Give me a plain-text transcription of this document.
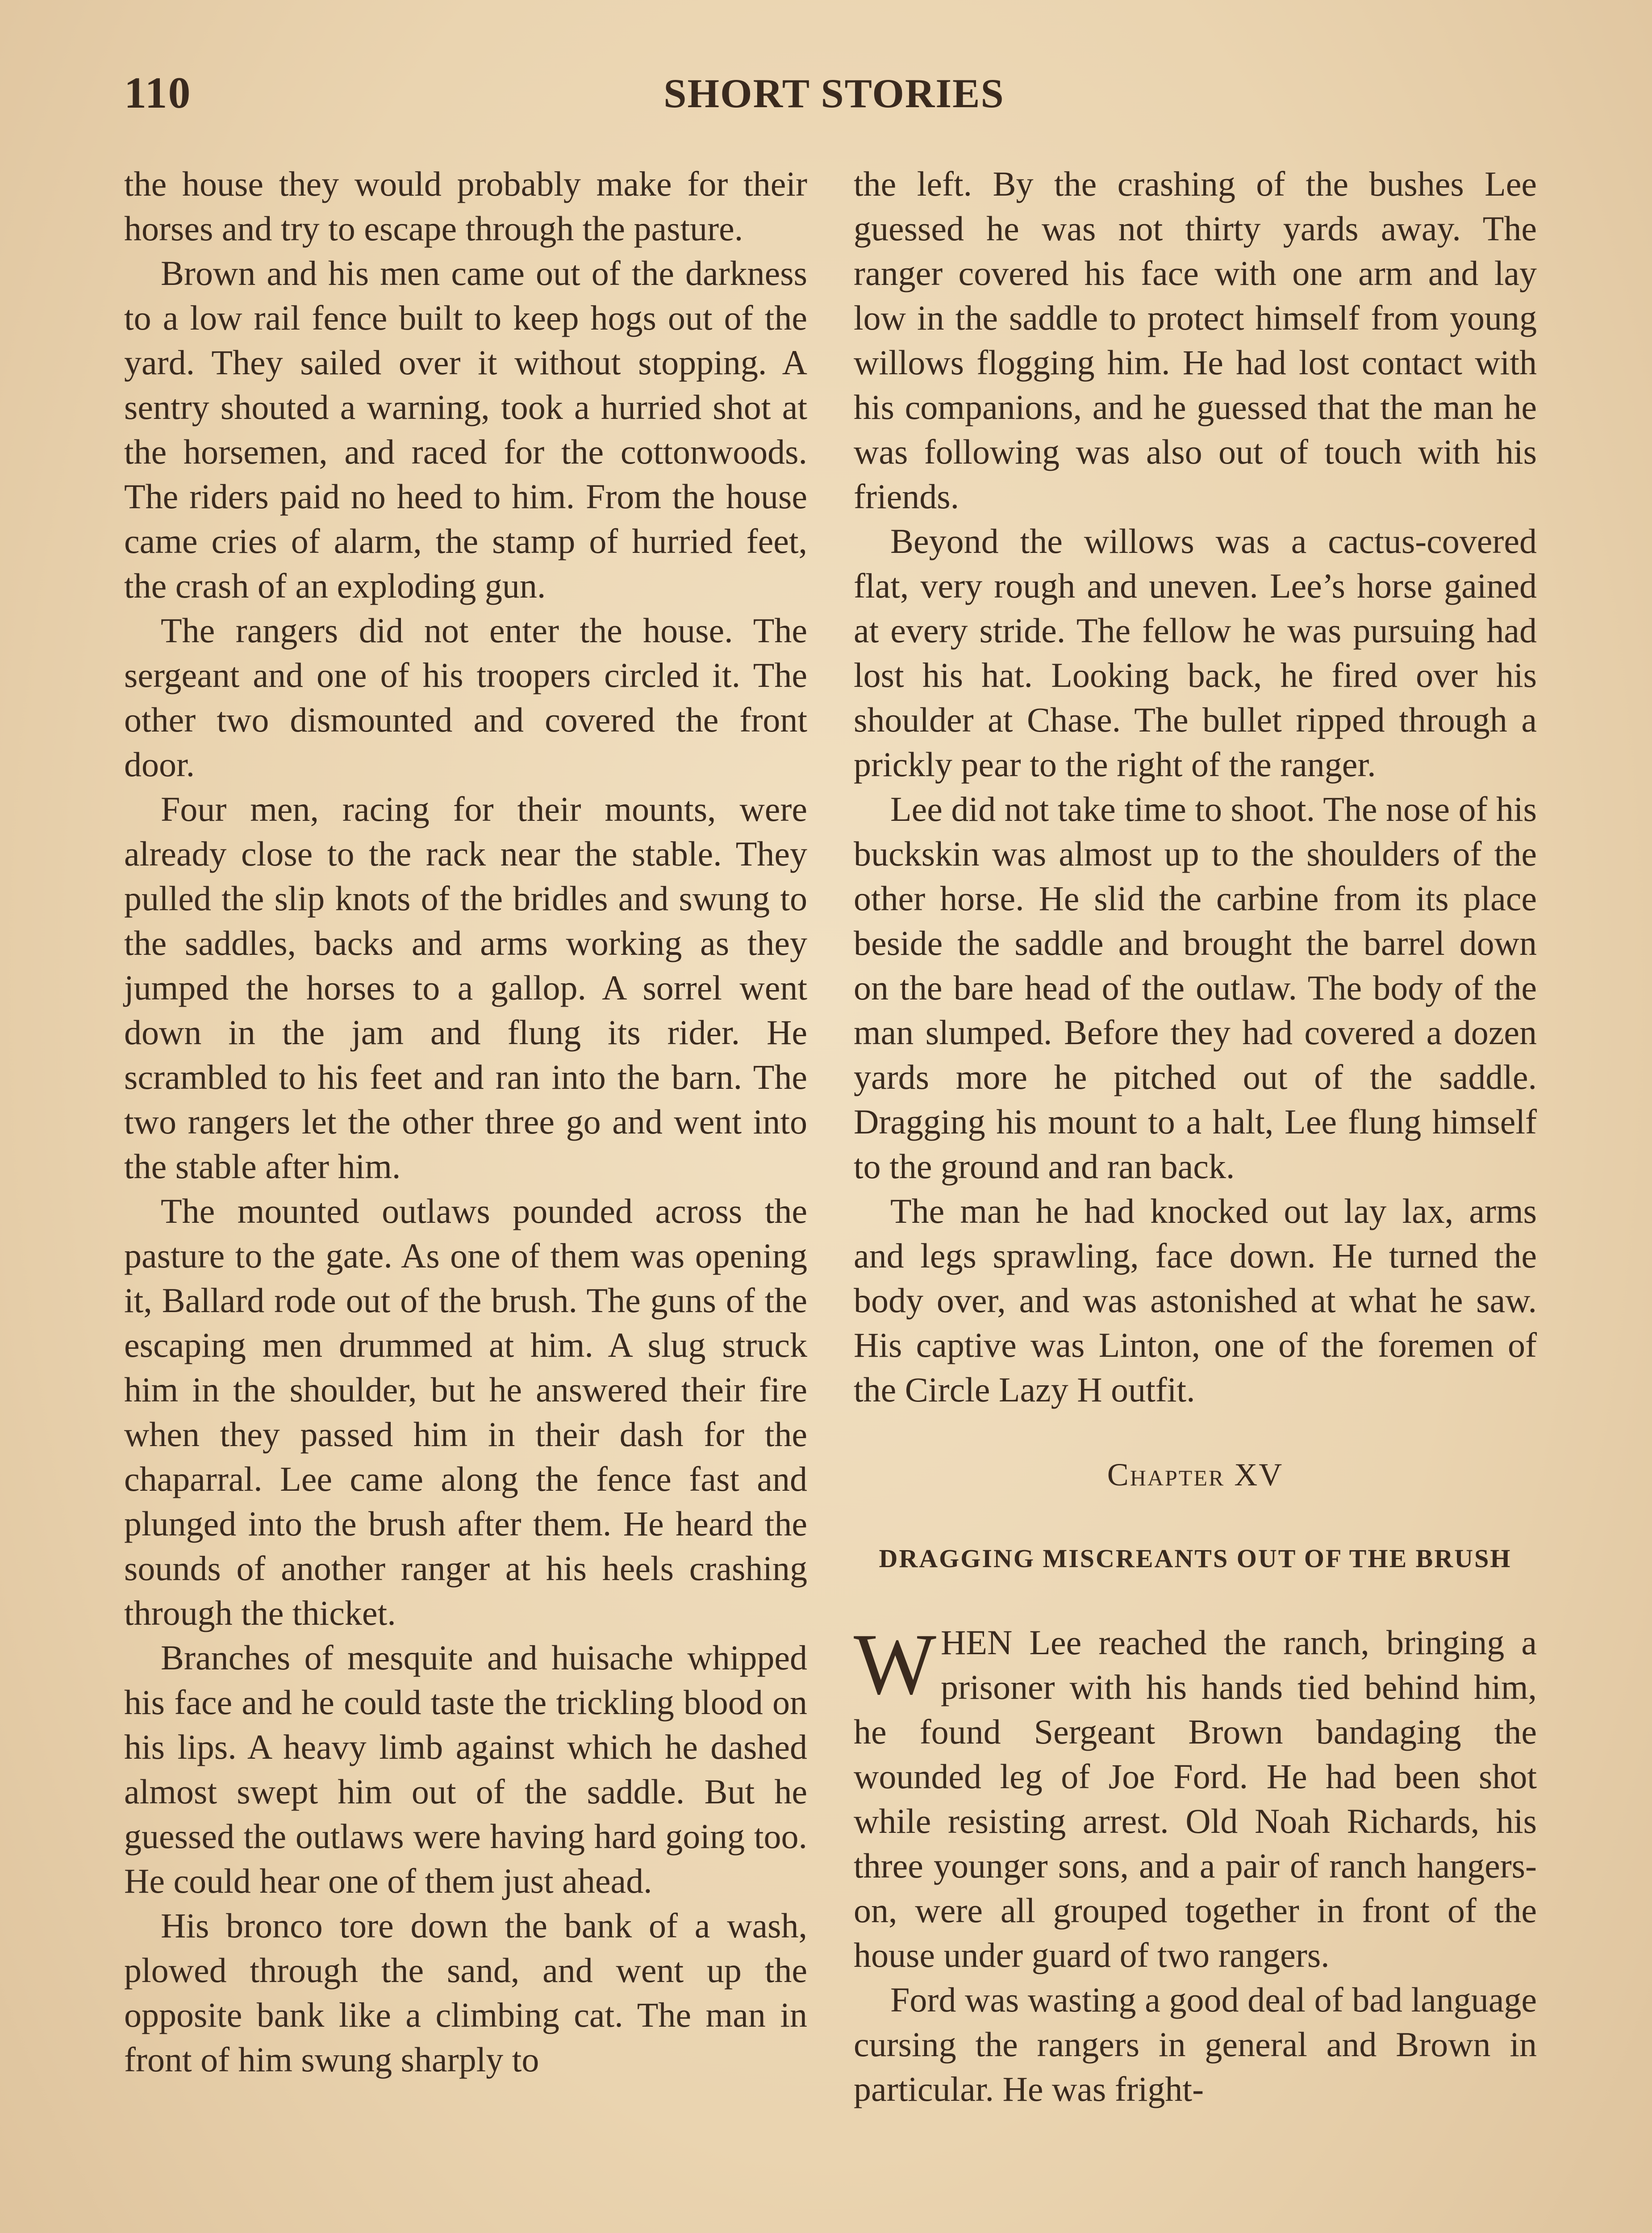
110	SHORT STORIES

the house they would probably make for their horses and try to escape through the pasture.

Brown and his men came out of the darkness to a low rail fence built to keep hogs out of the yard. They sailed over it without stopping. A sentry shouted a warning, took a hurried shot at the horsemen, and raced for the cottonwoods. The riders paid no heed to him. From the house came cries of alarm, the stamp of hurried feet, the crash of an exploding gun.

The rangers did not enter the house. The sergeant and one of his troopers circled it. The other two dismounted and covered the front door.

Four men, racing for their mounts, were already close to the rack near the stable. They pulled the slip knots of the bridles and swung to the saddles, backs and arms working as they jumped the horses to a gallop. A sorrel went down in the jam and flung its rider. He scrambled to his feet and ran into the barn. The two rangers let the other three go and went into the stable after him.

The mounted outlaws pounded across the pasture to the gate. As one of them was opening it, Ballard rode out of the brush. The guns of the escaping men drummed at him. A slug struck him in the shoulder, but he answered their fire when they passed him in their dash for the chaparral. Lee came along the fence fast and plunged into the brush after them. He heard the sounds of another ranger at his heels crashing through the thicket.

Branches of mesquite and huisache whipped his face and he could taste the trickling blood on his lips. A heavy limb against which he dashed almost swept him out of the saddle. But he guessed the outlaws were having hard going too. He could hear one of them just ahead.

His bronco tore down the bank of a wash, plowed through the sand, and went up the opposite bank like a climbing cat. The man in front of him swung sharply to

the left. By the crashing of the bushes Lee guessed he was not thirty yards away. The ranger covered his face with one arm and lay low in the saddle to protect himself from young willows flogging him. He had lost contact with his companions, and he guessed that the man he was following was also out of touch with his friends.

Beyond the willows was a cactus-covered flat, very rough and uneven. Lee’s horse gained at every stride. The fellow he was pursuing had lost his hat. Looking back, he fired over his shoulder at Chase. The bullet ripped through a prickly pear to the right of the ranger.

Lee did not take time to shoot. The nose of his buckskin was almost up to the shoulders of the other horse. He slid the carbine from its place beside the saddle and brought the barrel down on the bare head of the outlaw. The body of the man slumped. Before they had covered a dozen yards more he pitched out of the saddle. Dragging his mount to a halt, Lee flung himself to the ground and ran back.

The man he had knocked out lay lax, arms and legs sprawling, face down. He turned the body over, and was astonished at what he saw. His captive was Linton, one of the foremen of the Circle Lazy H outfit.

Chapter XV
DRAGGING MISCREANTS OUT OF THE BRUSH

WHEN Lee reached the ranch, bringing a prisoner with his hands tied behind him, he found Sergeant Brown bandaging the wounded leg of Joe Ford. He had been shot while resisting arrest. Old Noah Richards, his three younger sons, and a pair of ranch hangers-on, were all grouped together in front of the house under guard of two rangers.

Ford was wasting a good deal of bad language cursing the rangers in general and Brown in particular. He was fright-
